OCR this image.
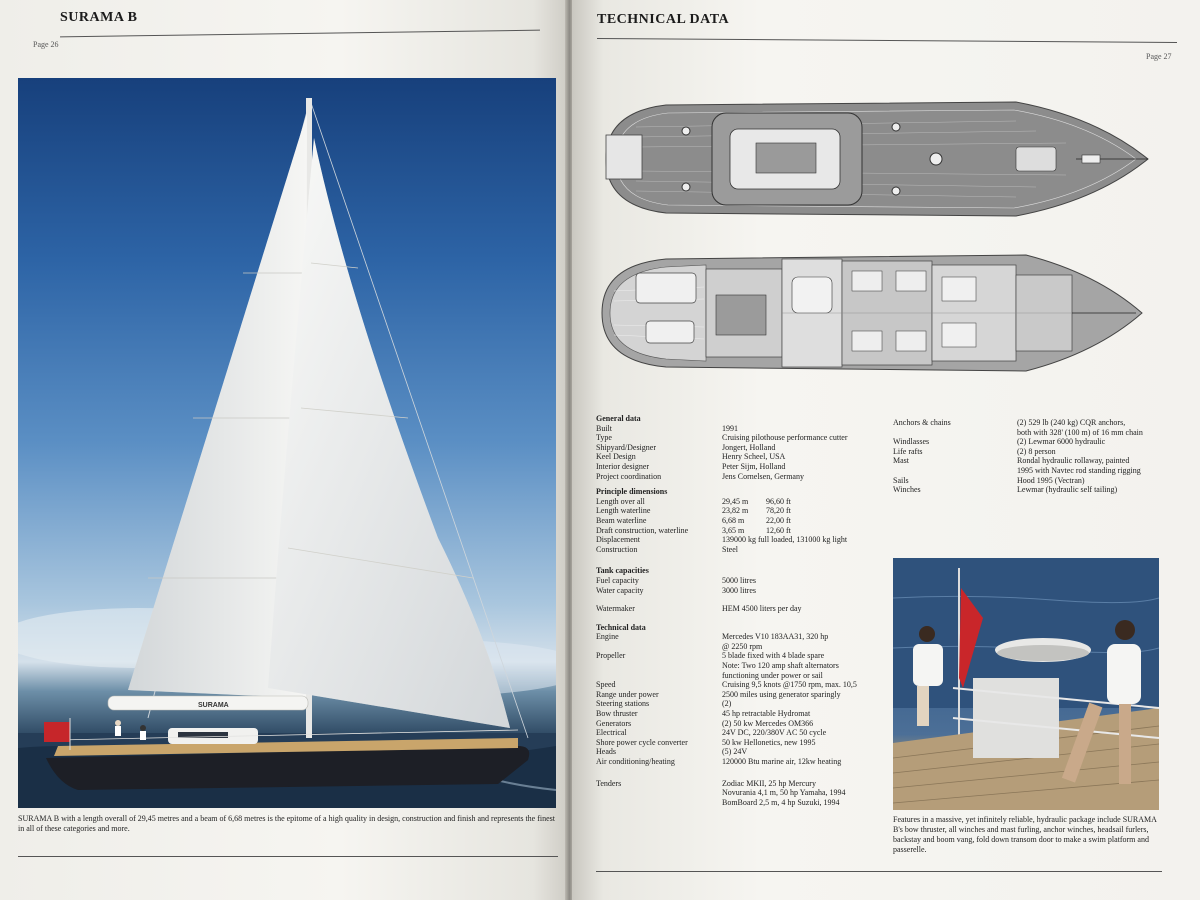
SURAMA B
Page 26
SURAMA
SURAMA B with a length overall of 29,45 metres and a beam of 6,68 metres is the epitome of a high quality in design, construction and finish and represents the finest in all of these categories and more.
TECHNICAL DATA
Page 27
General data
Built	1991
Type	Cruising pilothouse performance cutter
Shipyard/Designer	Jongert, Holland
Keel Design	Henry Scheel, USA
Interior designer	Peter Sijm, Holland
Project coordination	Jens Cornelsen, Germany
Principle dimensions
Length over all	29,45 m 96,60 ft
Length waterline	23,82 m 78,20 ft
Beam waterline	6,68 m	22,00 ft
Draft construction, waterline	3,65 m	12,60 ft
Displacement	139000 kg full loaded, 131000 kg light
Construction	Steel
Tank capacities
Fuel capacity	5000 litres
Water capacity	3000 litres
Watermaker	HEM 4500 liters per day
Technical data
Engine	Mercedes V10 183AA31, 320 hp
@ 2250 rpm
Propeller	5 blade fixed with 4 blade spare
Note: Two 120 amp shaft alternators
functioning under power or sail
Speed	Cruising 9,5 knots @1750 rpm, max. 10,5
Range under power	2500 miles using generator sparingly
Steering stations	(2)
Bow thruster	45 hp retractable Hydromat
Generators	(2) 50 kw Mercedes OM366
Electrical	24V DC, 220/380V AC 50 cycle
Shore power cycle converter	50 kw Hellonetics, new 1995
Heads	(5) 24V
Air conditioning/heating	120000 Btu marine air, 12kw heating
Tenders	Zodiac MKII, 25 hp Mercury
Novurania 4,1 m, 50 hp Yamaha, 1994
BomBoard 2,5 m, 4 hp Suzuki, 1994
Anchors & chains	(2) 529 lb (240 kg) CQR anchors,
both with 328' (100 m) of 16 mm chain
Windlasses	(2) Lewmar 6000 hydraulic
Life rafts	(2) 8 person
Mast	Rondal hydraulic rollaway, painted
1995 with Navtec rod standing rigging
Sails	Hood 1995 (Vectran)
Winches	Lewmar (hydraulic self tailing)
Features in a massive, yet infinitely reliable, hydraulic package include SURAMA B's bow thruster, all winches and mast furling, anchor winches, headsail furlers, backstay and boom vang, fold down transom door to make a swim platform and passerelle.
